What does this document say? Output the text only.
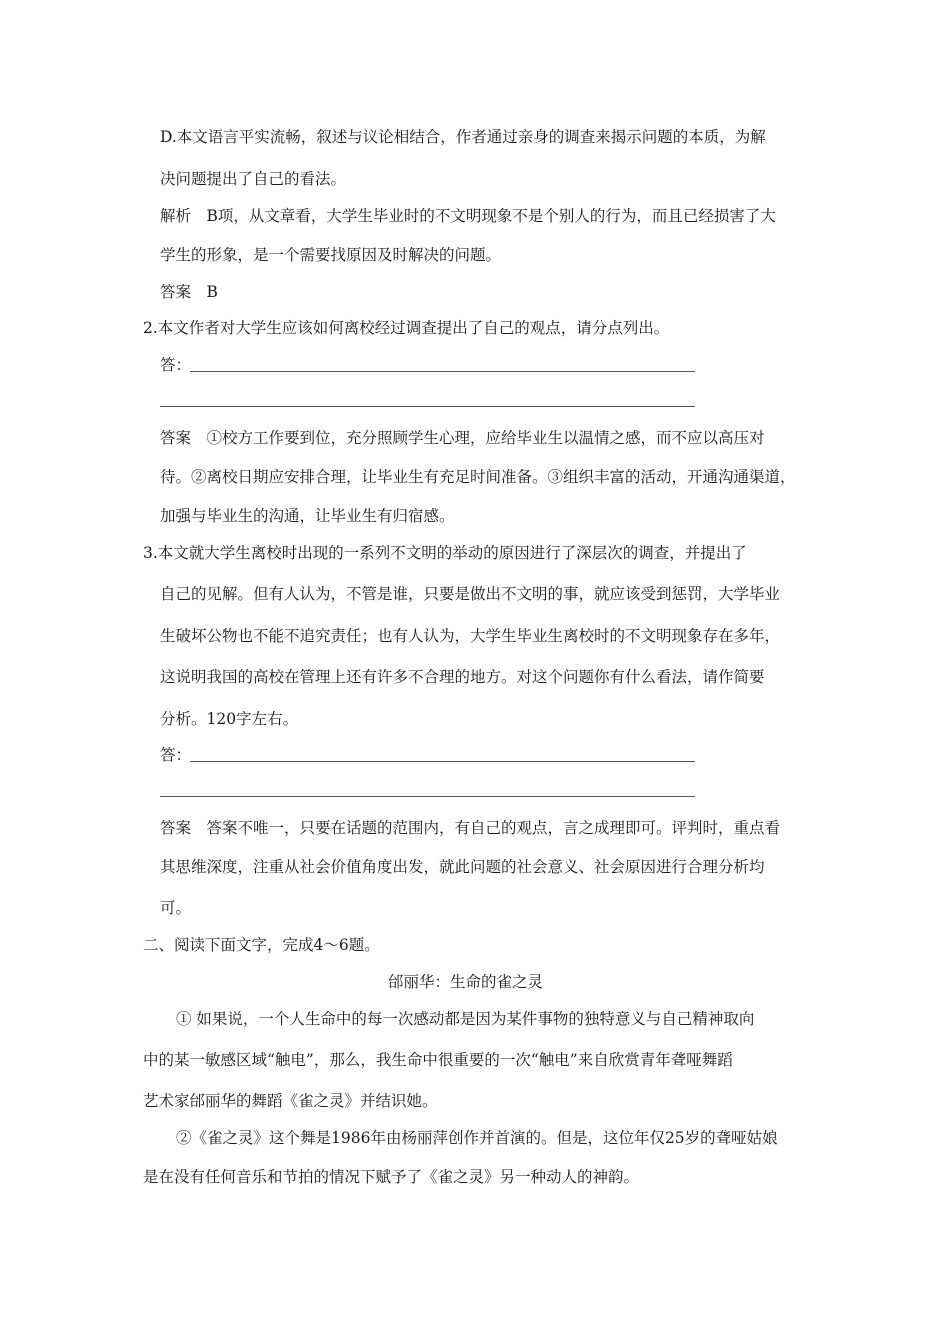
D.本文语言平实流畅，叙述与议论相结合，作者通过亲身的调查来揭示问题的本质，为解
决问题提出了自己的看法。
解析　B项，从文章看，大学生毕业时的不文明现象不是个别人的行为，而且已经损害了大
学生的形象，是一个需要找原因及时解决的问题。
答案　B
2.本文作者对大学生应该如何离校经过调查提出了自己的观点，请分点列出。
答：
答案　①校方工作要到位，充分照顾学生心理，应给毕业生以温情之感，而不应以高压对
待。②离校日期应安排合理，让毕业生有充足时间准备。③组织丰富的活动，开通沟通渠道，
加强与毕业生的沟通，让毕业生有归宿感。
3.本文就大学生离校时出现的一系列不文明的举动的原因进行了深层次的调查，并提出了
自己的见解。但有人认为，不管是谁，只要是做出不文明的事，就应该受到惩罚，大学毕业
生破坏公物也不能不追究责任；也有人认为，大学生毕业生离校时的不文明现象存在多年，
这说明我国的高校在管理上还有许多不合理的地方。对这个问题你有什么看法，请作简要
分析。120字左右。
答：
答案　答案不唯一，只要在话题的范围内，有自己的观点，言之成理即可。评判时，重点看
其思维深度，注重从社会价值角度出发，就此问题的社会意义、社会原因进行合理分析均
可。
二、阅读下面文字，完成4～6题。
邰丽华：生命的雀之灵
① 如果说，一个人生命中的每一次感动都是因为某件事物的独特意义与自己精神取向
中的某一敏感区域“触电”，那么，我生命中很重要的一次“触电”来自欣赏青年聋哑舞蹈
艺术家邰丽华的舞蹈《雀之灵》并结识她。
②《雀之灵》这个舞是1986年由杨丽萍创作并首演的。但是，这位年仅25岁的聋哑姑娘
是在没有任何音乐和节拍的情况下赋予了《雀之灵》另一种动人的神韵。
